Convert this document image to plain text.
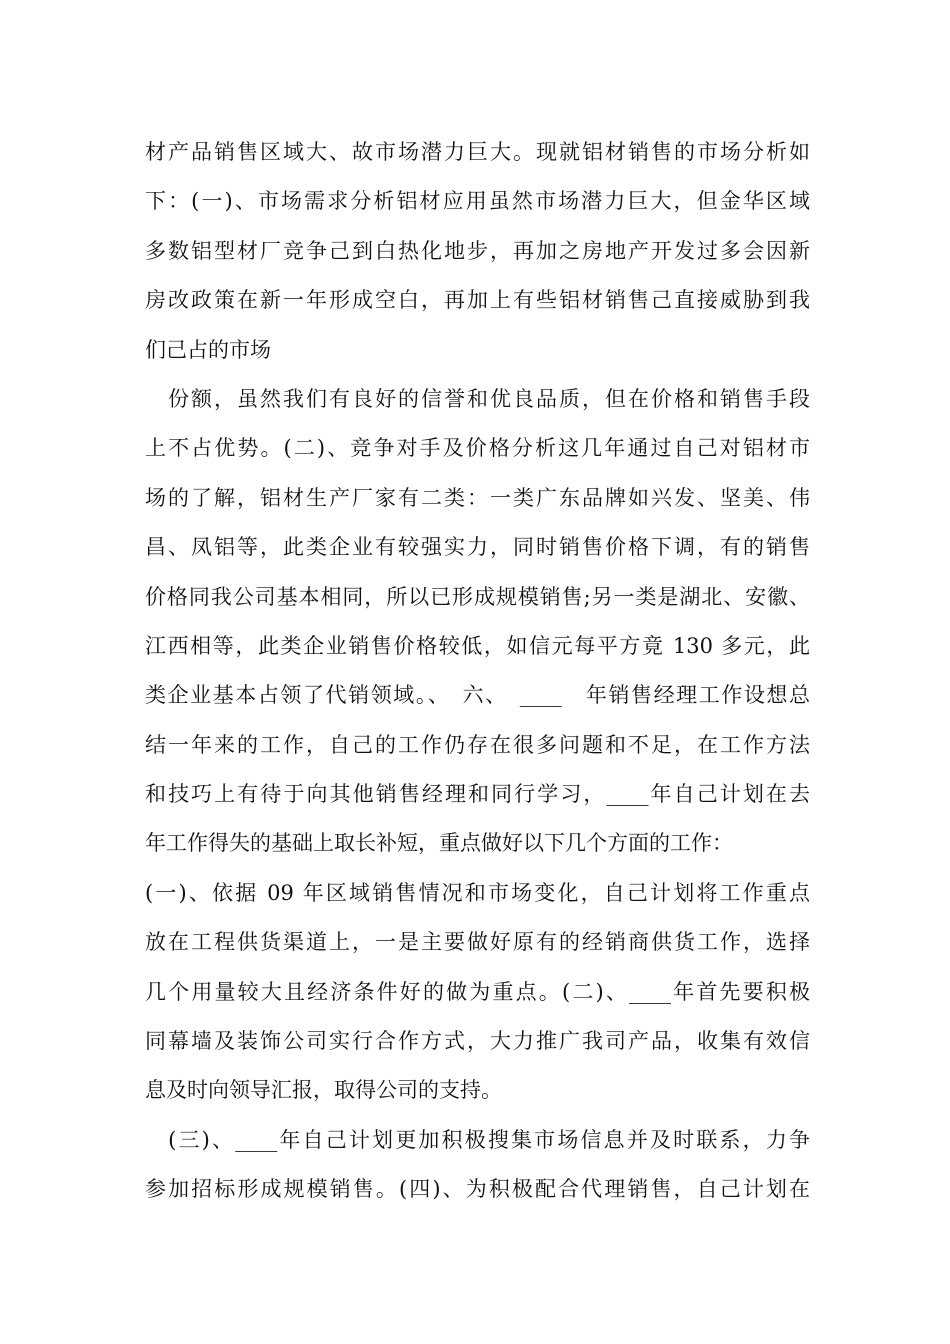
材产品销售区域大、故市场潜力巨大。现就铝材销售的市场分析如
下：(一)、市场需求分析铝材应用虽然市场潜力巨大，但金华区域
多数铝型材厂竞争己到白热化地步，再加之房地产开发过多会因新
房改政策在新一年形成空白，再加上有些铝材销售己直接威胁到我
们己占的市场
　份额，虽然我们有良好的信誉和优良品质，但在价格和销售手段
上不占优势。(二)、竞争对手及价格分析这几年通过自己对铝材市
场的了解，铝材生产厂家有二类：一类广东品牌如兴发、坚美、伟
昌、凤铝等，此类企业有较强实力，同时销售价格下调，有的销售
价格同我公司基本相同，所以已形成规模销售;另一类是湖北、安徽、
江西相等，此类企业销售价格较低，如信元每平方竟 130 多元，此
类企业基本占领了代销领域。、　六、　____　年销售经理工作设想总
结一年来的工作，自己的工作仍存在很多问题和不足，在工作方法
和技巧上有待于向其他销售经理和同行学习，____年自己计划在去
年工作得失的基础上取长补短，重点做好以下几个方面的工作：
(一)、依据 09 年区域销售情况和市场变化，自己计划将工作重点
放在工程供货渠道上，一是主要做好原有的经销商供货工作，选择
几个用量较大且经济条件好的做为重点。(二)、____年首先要积极
同幕墙及装饰公司实行合作方式，大力推广我司产品，收集有效信
息及时向领导汇报，取得公司的支持。
　(三)、____年自己计划更加积极搜集市场信息并及时联系，力争
参加招标形成规模销售。(四)、为积极配合代理销售，自己计划在
